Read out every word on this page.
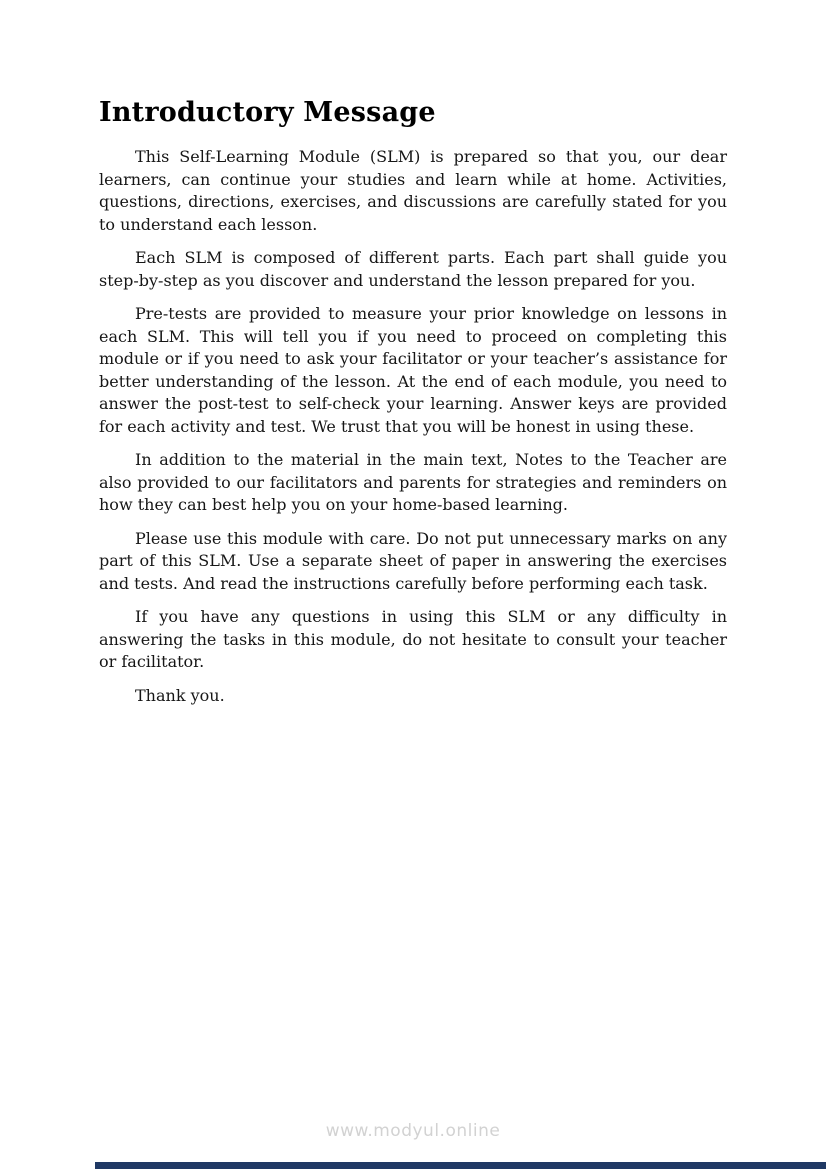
Introductory Message

This Self-Learning Module (SLM) is prepared so that you, our dear learners, can continue your studies and learn while at home. Activities, questions, directions, exercises, and discussions are carefully stated for you to understand each lesson.

Each SLM is composed of different parts. Each part shall guide you step-by-step as you discover and understand the lesson prepared for you.

Pre-tests are provided to measure your prior knowledge on lessons in each SLM. This will tell you if you need to proceed on completing this module or if you need to ask your facilitator or your teacher’s assistance for better understanding of the lesson. At the end of each module, you need to answer the post-test to self-check your learning. Answer keys are provided for each activity and test. We trust that you will be honest in using these.

In addition to the material in the main text, Notes to the Teacher are also provided to our facilitators and parents for strategies and reminders on how they can best help you on your home-based learning.

Please use this module with care. Do not put unnecessary marks on any part of this SLM. Use a separate sheet of paper in answering the exercises and tests. And read the instructions carefully before performing each task.

If you have any questions in using this SLM or any difficulty in answering the tasks in this module, do not hesitate to consult your teacher or facilitator.

Thank you.

www.modyul.online
